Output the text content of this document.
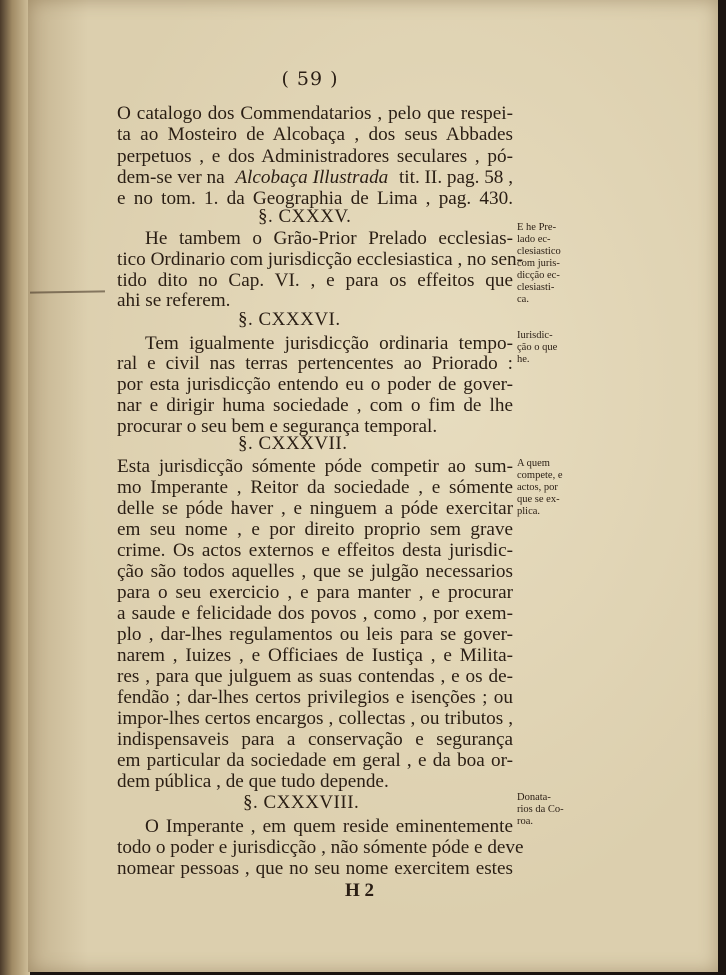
( 59 )
O catalogo dos Commendatarios , pelo que respei-
ta ao Mosteiro de Alcobaça , dos seus Abbades
perpetuos , e dos Administradores seculares , pó-
dem-se ver na Alcobaça Illustrada tit. II. pag. 58 ,
e no tom. 1. da Geographia de Lima , pag. 430.
§. CXXXV.
He tambem o Grão-Prior Prelado ecclesias-
tico Ordinario com jurisdicção ecclesiastica , no sen-
tido dito no Cap. VI. , e para os effeitos que
ahi se referem.
§. CXXXVI.
Tem igualmente jurisdicção ordinaria tempo-
ral e civil nas terras pertencentes ao Priorado :
por esta jurisdicção entendo eu o poder de gover-
nar e dirigir huma sociedade , com o fim de lhe
procurar o seu bem e segurança temporal.
§. CXXXVII.
Esta jurisdicção sómente póde competir ao sum-
mo Imperante , Reitor da sociedade , e sómente
delle se póde haver , e ninguem a póde exercitar
em seu nome , e por direito proprio sem grave
crime. Os actos externos e effeitos desta jurisdic-
ção são todos aquelles , que se julgão necessarios
para o seu exercicio , e para manter , e procurar
a saude e felicidade dos povos , como , por exem-
plo , dar-lhes regulamentos ou leis para se gover-
narem , Iuizes , e Officiaes de Iustiça , e Milita-
res , para que julguem as suas contendas , e os de-
fendão ; dar-lhes certos privilegios e isenções ; ou
impor-lhes certos encargos , collectas , ou tributos ,
indispensaveis para a conservação e segurança
em particular da sociedade em geral , e da boa or-
dem pública , de que tudo depende.
§. CXXXVIII.
O Imperante , em quem reside eminentemente
todo o poder e jurisdicção , não sómente póde e deve
nomear pessoas , que no seu nome exercitem estes
H 2
E he Pre-
lado ec-
clesiastico
com juris-
dicção ec-
clesiasti-
ca.
Iurisdic-
ção o que
he.
A quem
compete, e
actos, por
que se ex-
plica.
Donata-
rios da Co-
roa.
